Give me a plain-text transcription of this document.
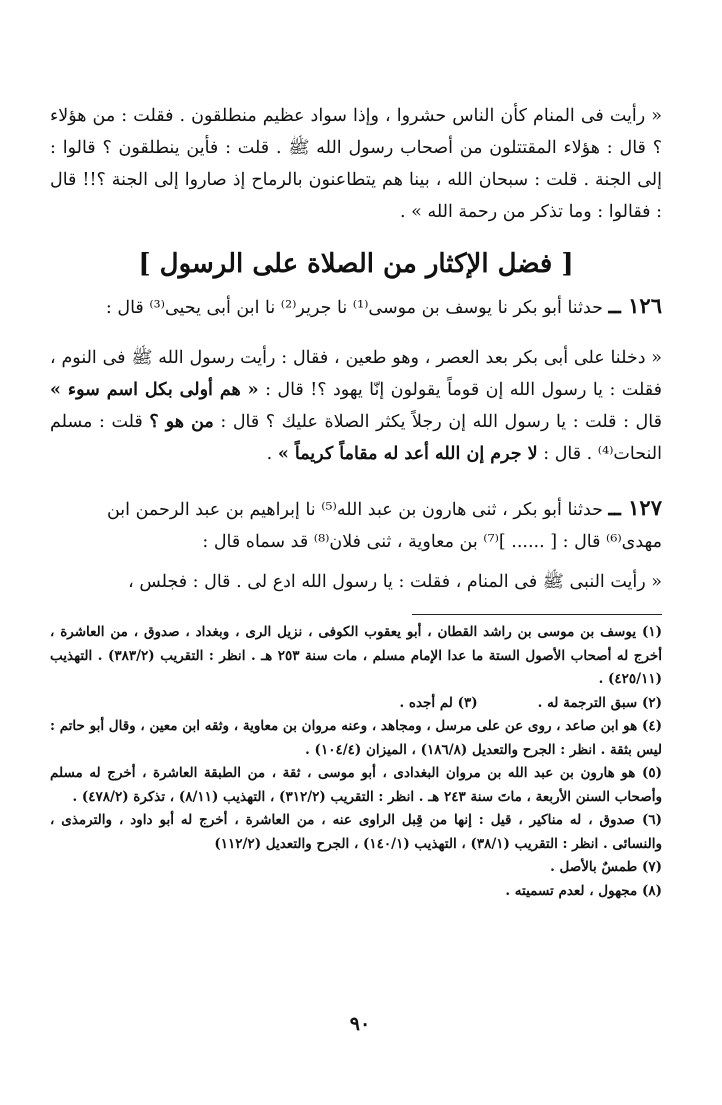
« رأيت فى المنام كأن الناس حشروا ، وإذا سواد عظيم منطلقون . فقلت : من هؤلاء ؟ قال : هؤلاء المقتتلون من أصحاب رسول الله ﷺ . قلت : فأين ينطلقون ؟ قالوا : إلى الجنة . قلت : سبحان الله ، بينا هم يتطاعنون بالرماح إذ صاروا إلى الجنة ؟!! قال : فقالوا : وما تذكر من رحمة الله » .

[ فضل الإكثار من الصلاة على الرسول ]

١٢٦ ــ حدثنا أبو بكر نا يوسف بن موسى⁽¹⁾ نا جرير⁽²⁾ نا ابن أبى يحيى⁽³⁾ قال :

« دخلنا على أبى بكر بعد العصر ، وهو طعين ، فقال : رأيت رسول الله ﷺ فى النوم ، فقلت : يا رسول الله إن قوماً يقولون إنّا يهود ؟! قال : « هم أولى بكل اسم سوء » قال : قلت : يا رسول الله إن رجلاً يكثر الصلاة عليك ؟ قال : من هو ؟ قلت : مسلم النحات⁽⁴⁾ . قال : لا جرم إن الله أعد له مقاماً كريماً » .

١٢٧ ــ حدثنا أبو بكر ، ثنى هارون بن عبد الله⁽⁵⁾ نا إبراهيم بن عبد الرحمن ابن مهدى⁽⁶⁾ قال : [ ...... ]⁽⁷⁾ بن معاوية ، ثنى فلان⁽⁸⁾ قد سماه قال :

« رأيت النبى ﷺ فى المنام ، فقلت : يا رسول الله ادع لى . قال : فجلس ،

(١) يوسف بن موسى بن راشد القطان ، أبو يعقوب الكوفى ، نزيل الرى ، وبغداد ، صدوق ، من العاشرة ، أخرج له أصحاب الأصول الستة ما عدا الإمام مسلم ، مات سنة ٢٥٣ هـ . انظر : التقريب (٣٨٣/٢) . التهذيب (٤٢٥/١١) .

(٢) سبق الترجمة له .
(٣) لم أجده .

(٤) هو ابن صاعد ، روى عن على مرسل ، ومجاهد ، وعنه مروان بن معاوية ، وثقه ابن معين ، وقال أبو حاتم : ليس بثقة . انظر : الجرح والتعديل (١٨٦/٨) ، الميزان (١٠٤/٤) .

(٥) هو هارون بن عبد الله بن مروان البغدادى ، أبو موسى ، ثقة ، من الطبقة العاشرة ، أخرج له مسلم وأصحاب السنن الأربعة ، ماتَ سنة ٢٤٣ هـ . انظر : التقريب (٣١٢/٢) ، التهذيب (٨/١١) ، تذكرة (٤٧٨/٢) .

(٦) صدوق ، له مناكير ، قيل : إنها من قِبل الراوى عنه ، من العاشرة ، أخرج له أبو داود ، والترمذى ، والنسائى . انظر : التقريب (٣٨/١) ، التهذيب (١٤٠/١) ، الجرح والتعديل (١١٢/٢)

(٧) طمسٌ بالأصل .

(٨) مجهول ، لعدم تسميته .

٩٠
